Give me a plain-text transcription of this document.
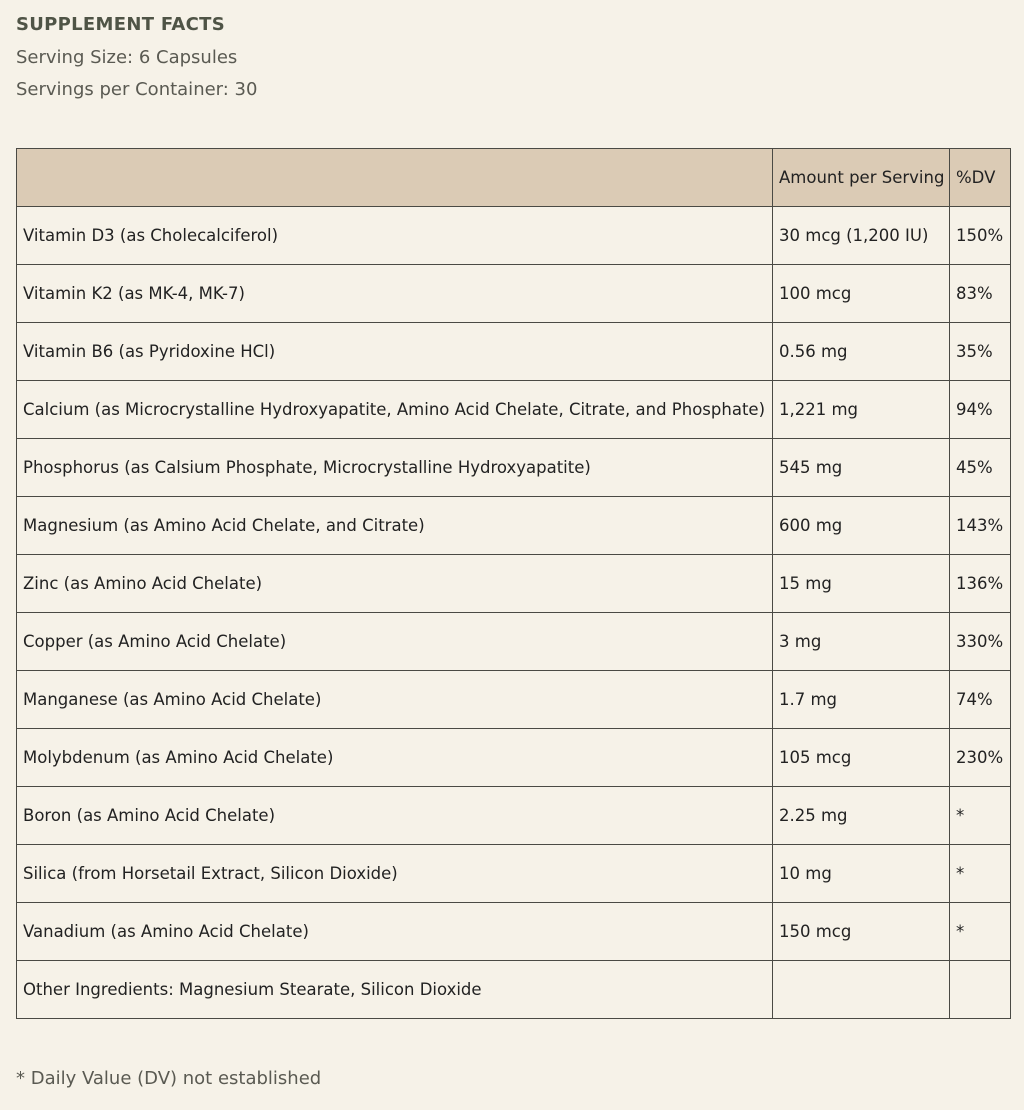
SUPPLEMENT FACTS

Serving Size: 6 Capsules

Servings per Container: 30

	Amount per Serving	%DV
Vitamin D3 (as Cholecalciferol)	30 mcg (1,200 IU)	150%
Vitamin K2 (as MK-4, MK-7)	100 mcg	83%
Vitamin B6 (as Pyridoxine HCl)	0.56 mg	35%
Calcium (as Microcrystalline Hydroxyapatite, Amino Acid Chelate, Citrate, and Phosphate)	1,221 mg	94%
Phosphorus (as Calsium Phosphate, Microcrystalline Hydroxyapatite)	545 mg	45%
Magnesium (as Amino Acid Chelate, and Citrate)	600 mg	143%
Zinc (as Amino Acid Chelate)	15 mg	136%
Copper (as Amino Acid Chelate)	3 mg	330%
Manganese (as Amino Acid Chelate)	1.7 mg	74%
Molybdenum (as Amino Acid Chelate)	105 mcg	230%
Boron (as Amino Acid Chelate)	2.25 mg	*
Silica (from Horsetail Extract, Silicon Dioxide)	10 mg	*
Vanadium (as Amino Acid Chelate)	150 mcg	*
Other Ingredients: Magnesium Stearate, Silicon Dioxide		

* Daily Value (DV) not established
